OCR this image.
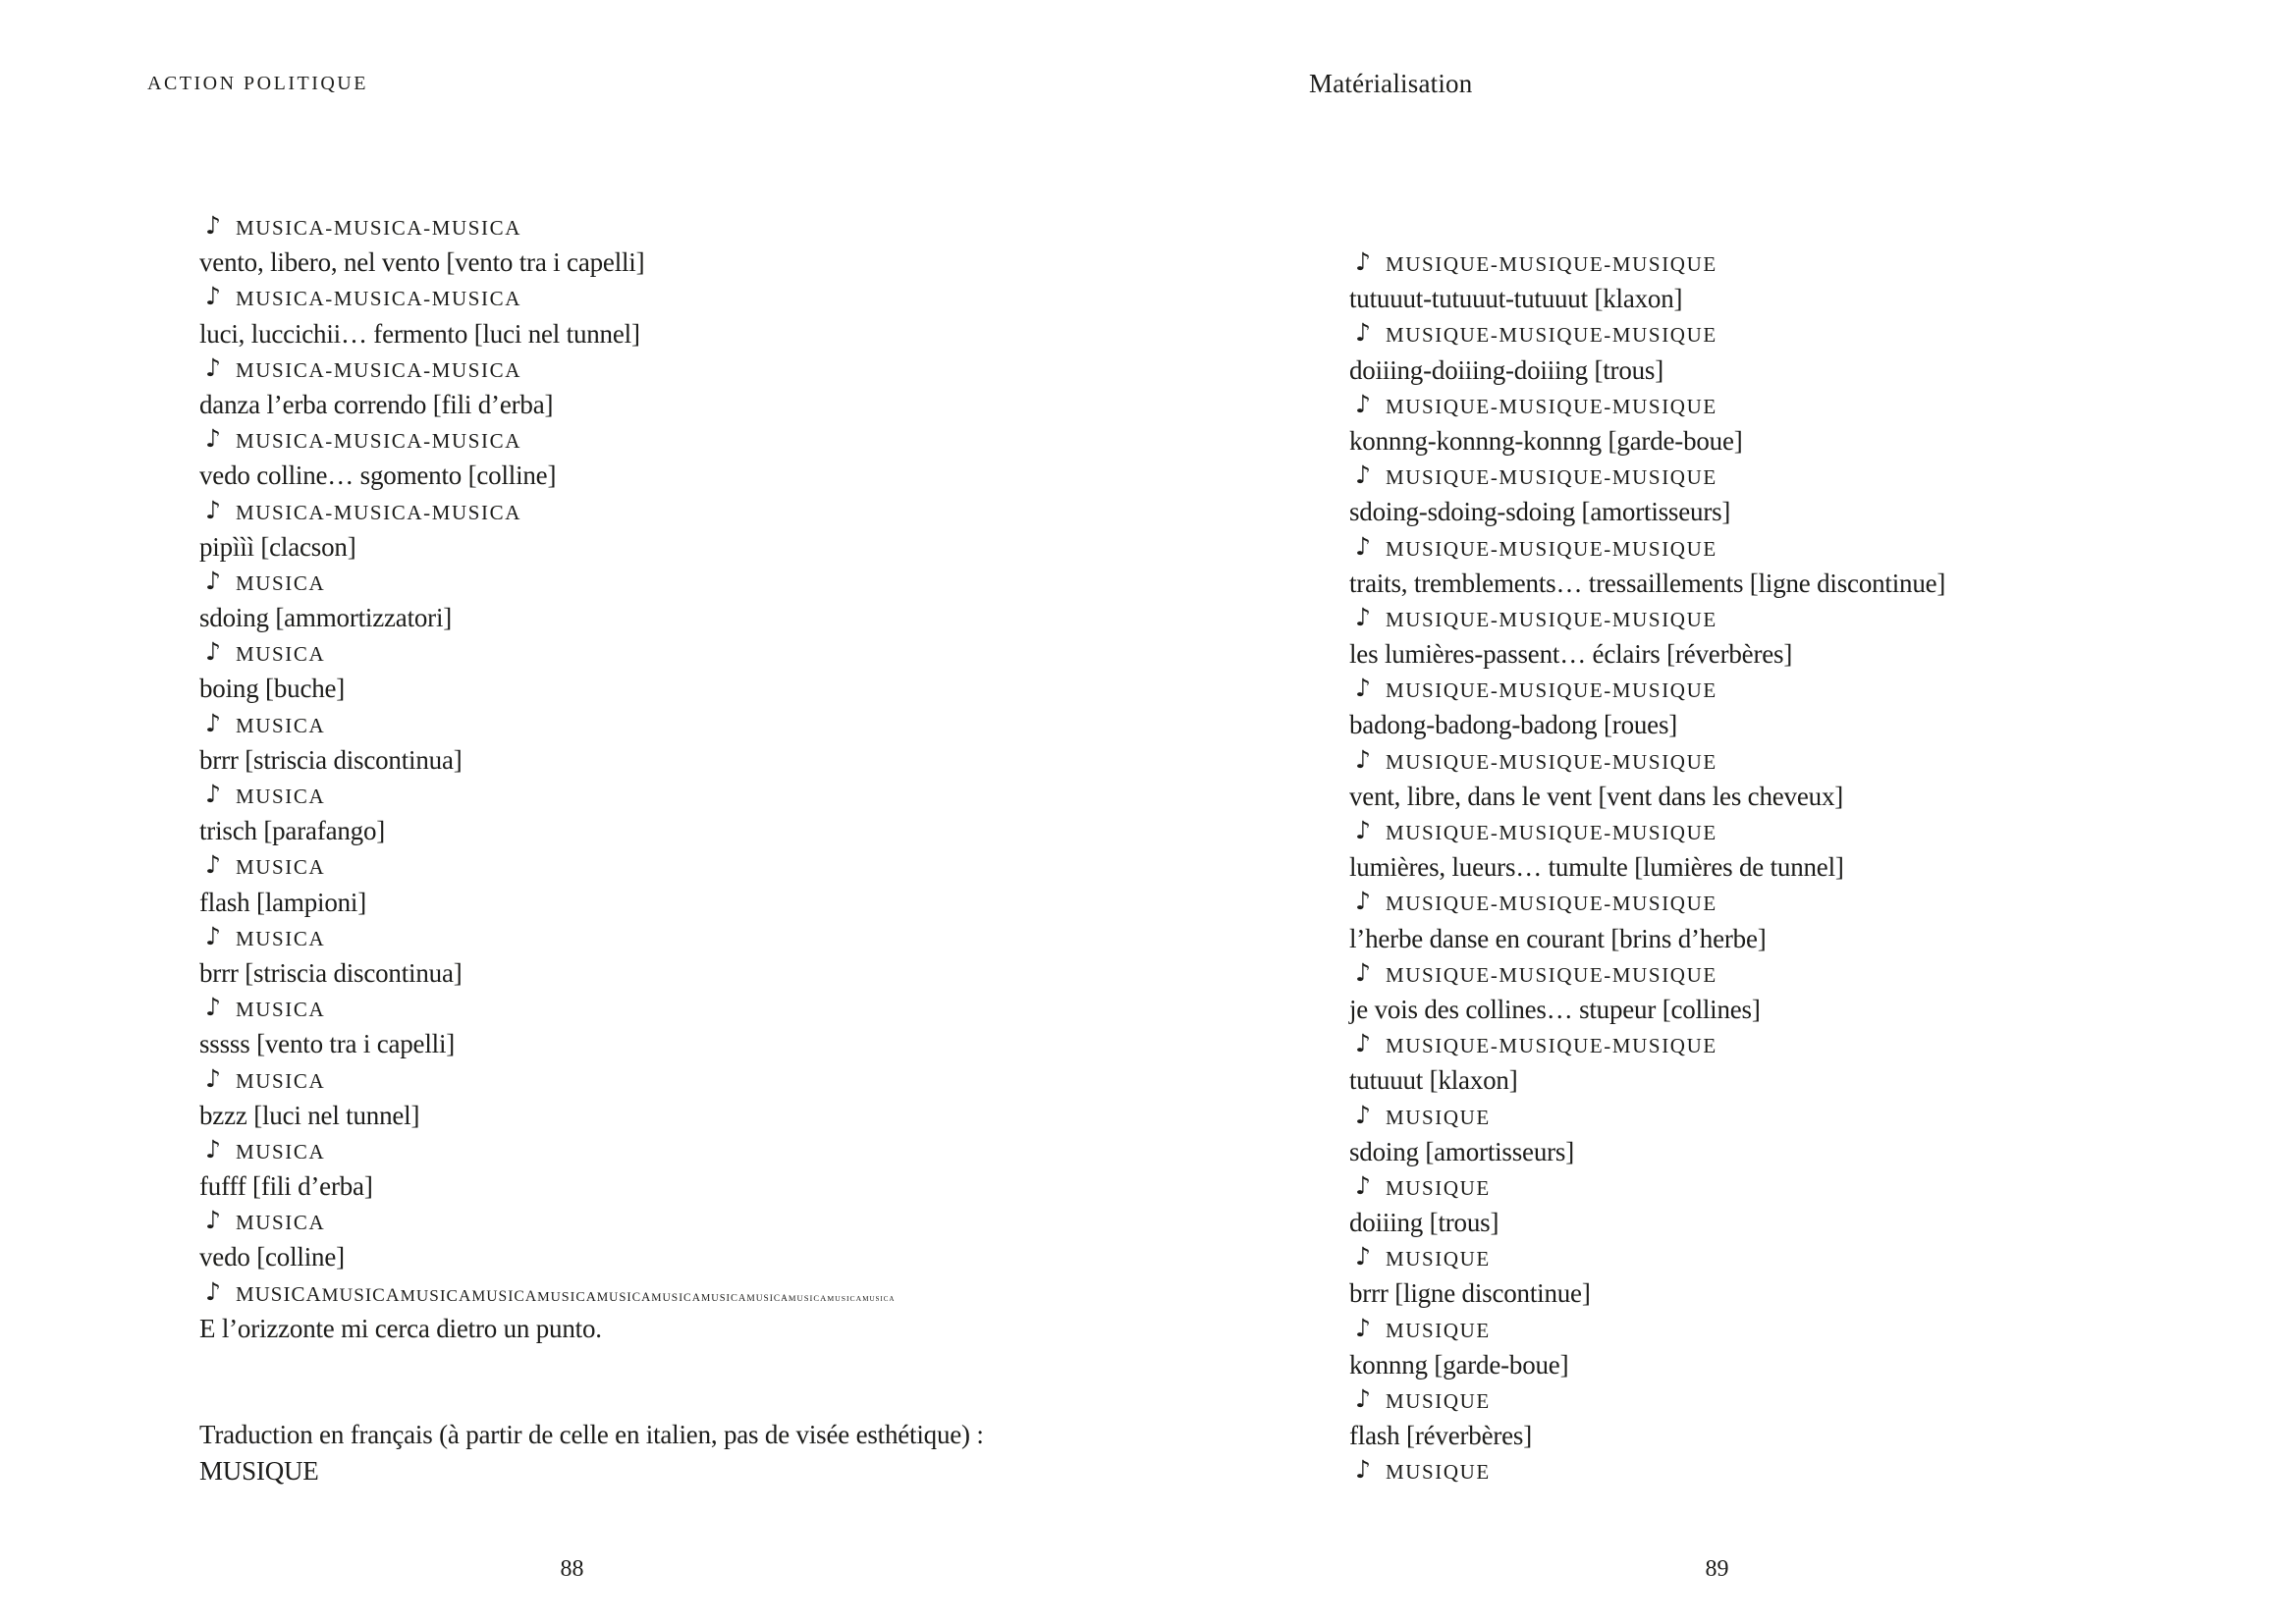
ACTION POLITIQUE
♪ MUSICA-MUSICA-MUSICA
vento, libero, nel vento [vento tra i capelli]
♪ MUSICA-MUSICA-MUSICA
luci, luccichii… fermento [luci nel tunnel]
♪ MUSICA-MUSICA-MUSICA
danza l’erba correndo [fili d’erba]
♪ MUSICA-MUSICA-MUSICA
vedo colline… sgomento [colline]
♪ MUSICA-MUSICA-MUSICA
pipììì [clacson]
♪ MUSICA
sdoing [ammortizzatori]
♪ MUSICA
boing [buche]
♪ MUSICA
brrr [striscia discontinua]
♪ MUSICA
trisch [parafango]
♪ MUSICA
flash [lampioni]
♪ MUSICA
brrr [striscia discontinua]
♪ MUSICA
sssss [vento tra i capelli]
♪ MUSICA
bzzz [luci nel tunnel]
♪ MUSICA
fufff [fili d’erba]
♪ MUSICA
vedo [colline]
♪ MUSICAMUSICAMUSICAMUSICAMUSICAMUSICAMUSICAMUSICAMUSICAMUSICAMUSICAMUSICA
E l’orizzonte mi cerca dietro un punto.
Traduction en français (à partir de celle en italien, pas de visée esthétique) :
MUSIQUE
88
Matérialisation
♪ MUSIQUE-MUSIQUE-MUSIQUE
tutuuut-tutuuut-tutuuut [klaxon]
♪ MUSIQUE-MUSIQUE-MUSIQUE
doiiing-doiiing-doiiing [trous]
♪ MUSIQUE-MUSIQUE-MUSIQUE
konnng-konnng-konnng [garde-boue]
♪ MUSIQUE-MUSIQUE-MUSIQUE
sdoing-sdoing-sdoing [amortisseurs]
♪ MUSIQUE-MUSIQUE-MUSIQUE
traits, tremblements… tressaillements [ligne discontinue]
♪ MUSIQUE-MUSIQUE-MUSIQUE
les lumières-passent… éclairs [réverbères]
♪ MUSIQUE-MUSIQUE-MUSIQUE
badong-badong-badong [roues]
♪ MUSIQUE-MUSIQUE-MUSIQUE
vent, libre, dans le vent [vent dans les cheveux]
♪ MUSIQUE-MUSIQUE-MUSIQUE
lumières, lueurs… tumulte [lumières de tunnel]
♪ MUSIQUE-MUSIQUE-MUSIQUE
l’herbe danse en courant [brins d’herbe]
♪ MUSIQUE-MUSIQUE-MUSIQUE
je vois des collines… stupeur [collines]
♪ MUSIQUE-MUSIQUE-MUSIQUE
tutuuut [klaxon]
♪ MUSIQUE
sdoing [amortisseurs]
♪ MUSIQUE
doiiing [trous]
♪ MUSIQUE
brrr [ligne discontinue]
♪ MUSIQUE
konnng [garde-boue]
♪ MUSIQUE
flash [réverbères]
♪ MUSIQUE
89
